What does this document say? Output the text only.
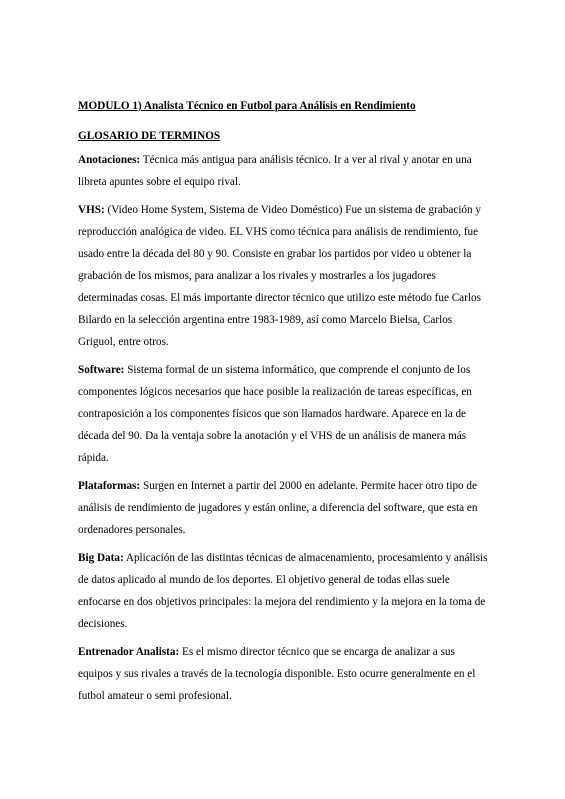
MODULO 1) Analista Técnico en Futbol para Análisis en Rendimiento

GLOSARIO DE TERMINOS

Anotaciones: Técnica más antigua para análisis técnico. Ir a ver al rival y anotar en una libreta apuntes sobre el equipo rival.

VHS: (Video Home System, Sistema de Video Doméstico) Fue un sistema de grabación y reproducción analógica de video. EL VHS como técnica para análisis de rendimiento, fue usado entre la década del 80 y 90. Consiste en grabar los partidos por video u obtener la grabación de los mismos, para analizar a los rivales y mostrarles a los jugadores determinadas cosas. El más importante director técnico que utilizo este método fue Carlos Bilardo en la selección argentina entre 1983-1989, así como Marcelo Bielsa, Carlos Griguol, entre otros.

Software: Sistema formal de un sistema informático, que comprende el conjunto de los componentes lógicos necesarios que hace posible la realización de tareas específicas, en contraposición a los componentes físicos que son llamados hardware. Aparece en la de década del 90. Da la ventaja sobre la anotación y el VHS de un análisis de manera más rápida.

Plataformas: Surgen en Internet a partir del 2000 en adelante. Permite hacer otro tipo de análisis de rendimiento de jugadores y están online, a diferencia del software, que esta en ordenadores personales.

Big Data: Aplicación de las distintas técnicas de almacenamiento, procesamiento y análisis de datos aplicado al mundo de los deportes. El objetivo general de todas ellas suele enfocarse en dos objetivos principales: la mejora del rendimiento y la mejora en la toma de decisiones.

Entrenador Analista: Es el mismo director técnico que se encarga de analizar a sus equipos y sus rivales a través de la tecnología disponible. Esto ocurre generalmente en el futbol amateur o semi profesional.
